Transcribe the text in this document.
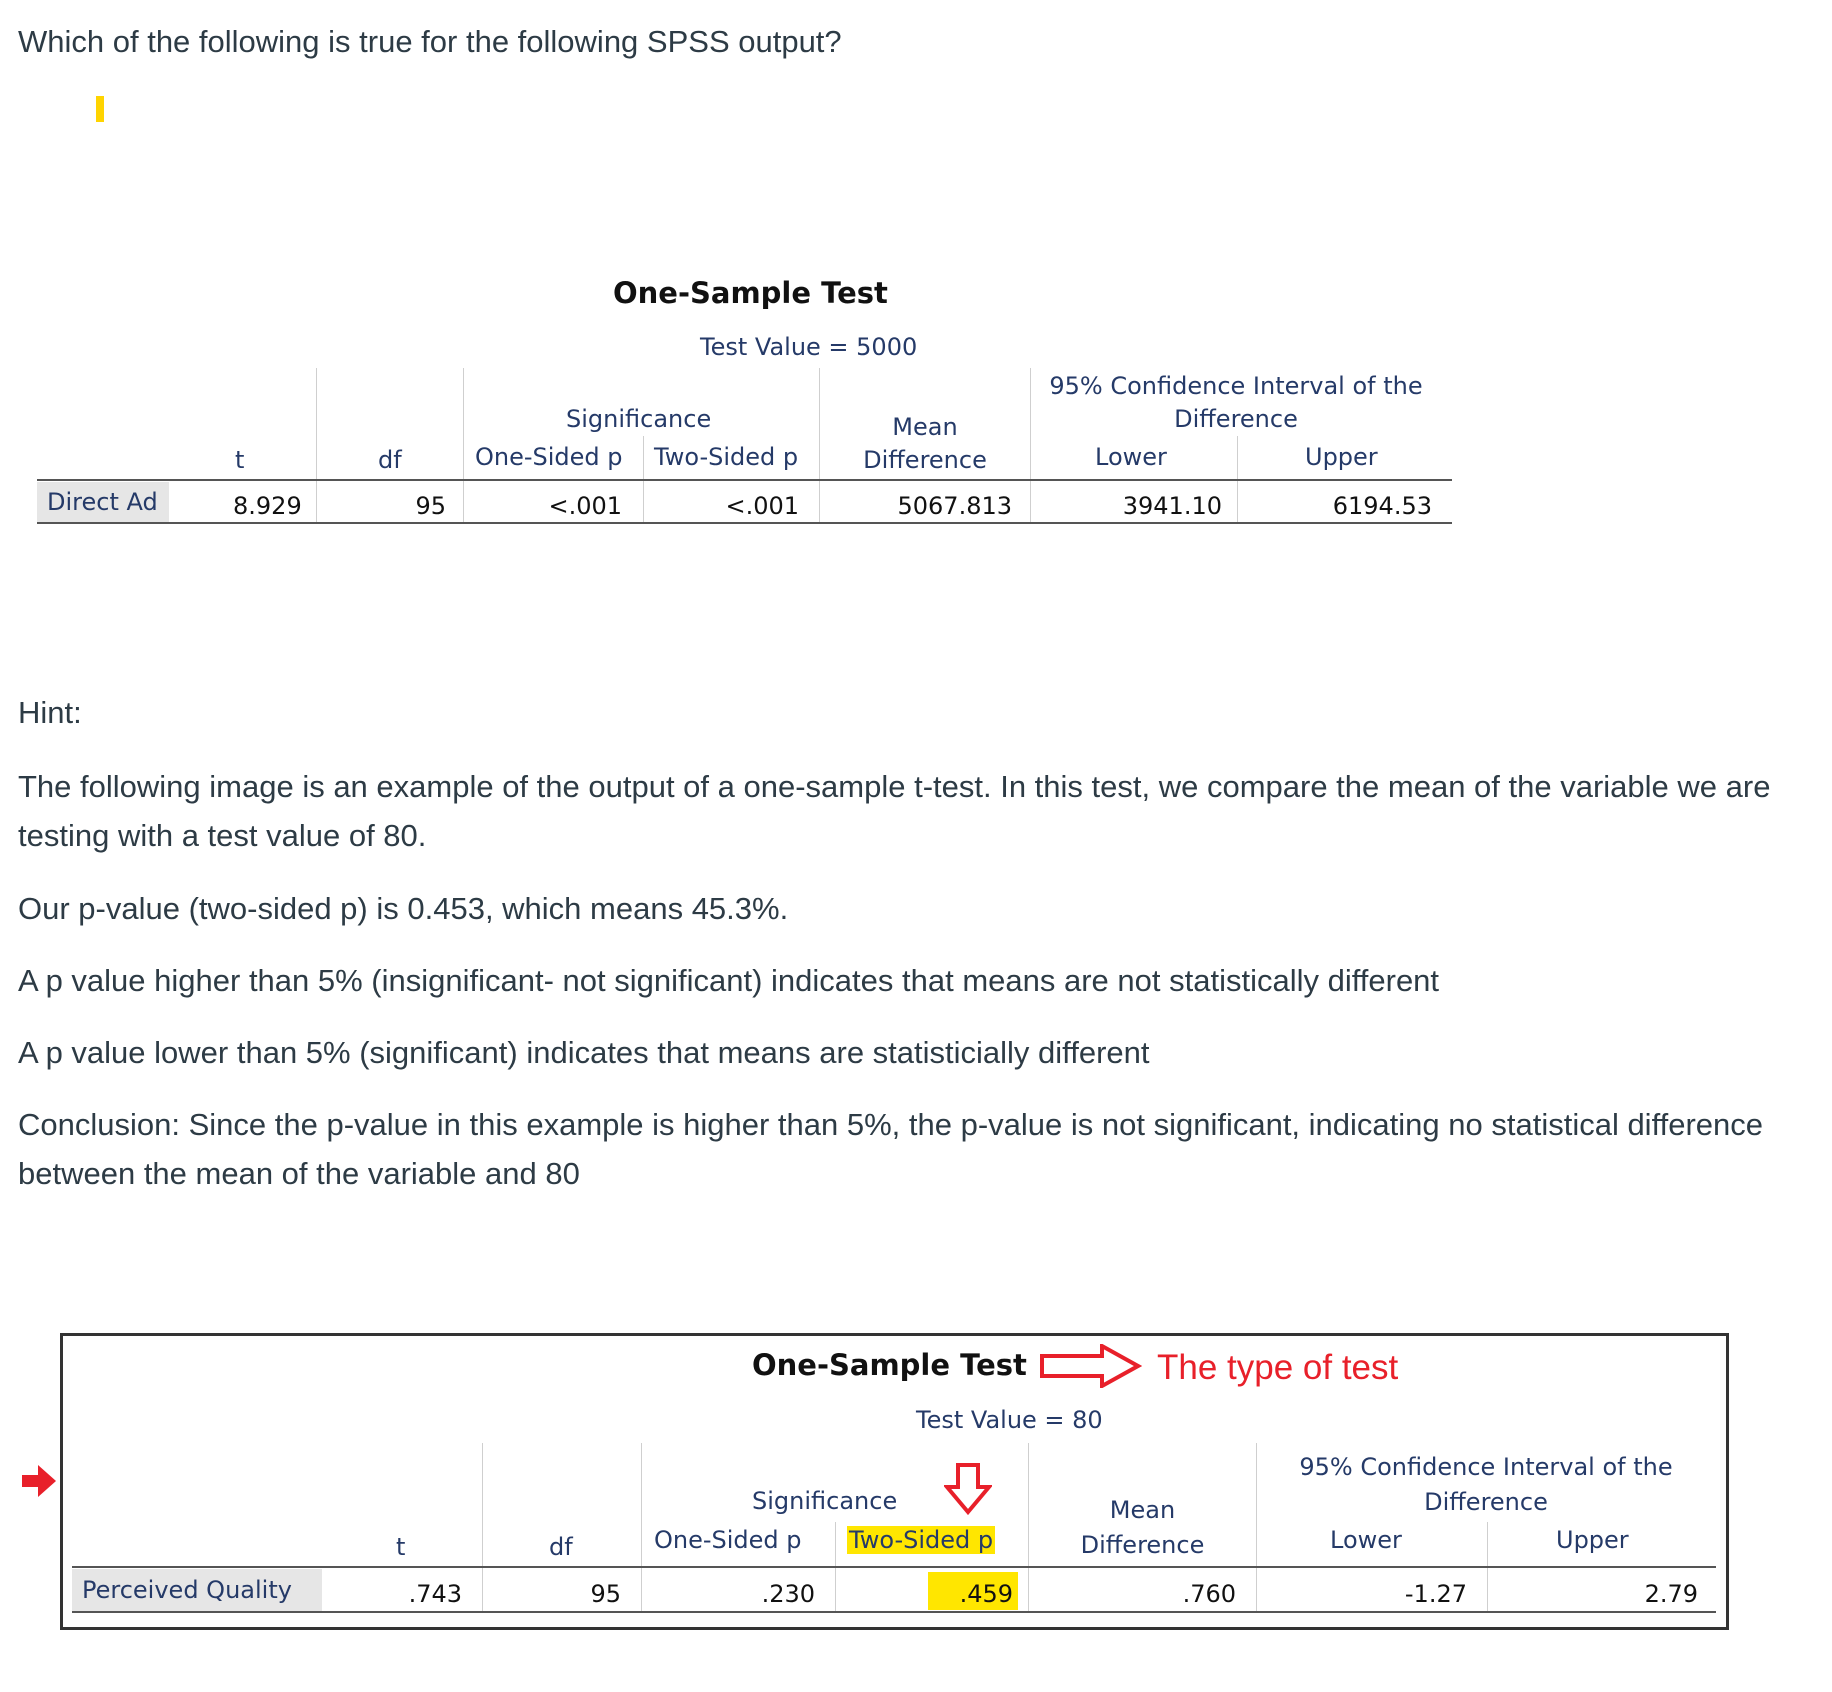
Which of the following is true for the following SPSS output?
One-Sample Test
Test Value = 5000
t	df
Significance
One-Sided p Two-Sided p
Mean
Difference
95% Confidence Interval of the
Difference
Lower	Upper
Direct Ad	8.929	95	<.001	<.001	5067.813	3941.10	6194.53
Hint:
The following image is an example of the output of a one-sample t-test. In this test, we compare the mean of the variable we are testing with a test value of 80.
Our p-value (two-sided p) is 0.453, which means 45.3%.
A p value higher than 5% (insignificant- not significant) indicates that means are not statistically different
A p value lower than 5% (significant) indicates that means are statisticially different
Conclusion: Since the p-value in this example is higher than 5%, the p-value is not significant, indicating no statistical difference between the mean of the variable and 80
One-Sample Test	The type of test
Test Value = 80
t	df
Significance
One-Sided p Two-Sided p
Mean
Difference
95% Confidence Interval of the
Difference
Lower	Upper
Perceived Quality	.743	95	.230	.459	.760	-1.27	2.79
